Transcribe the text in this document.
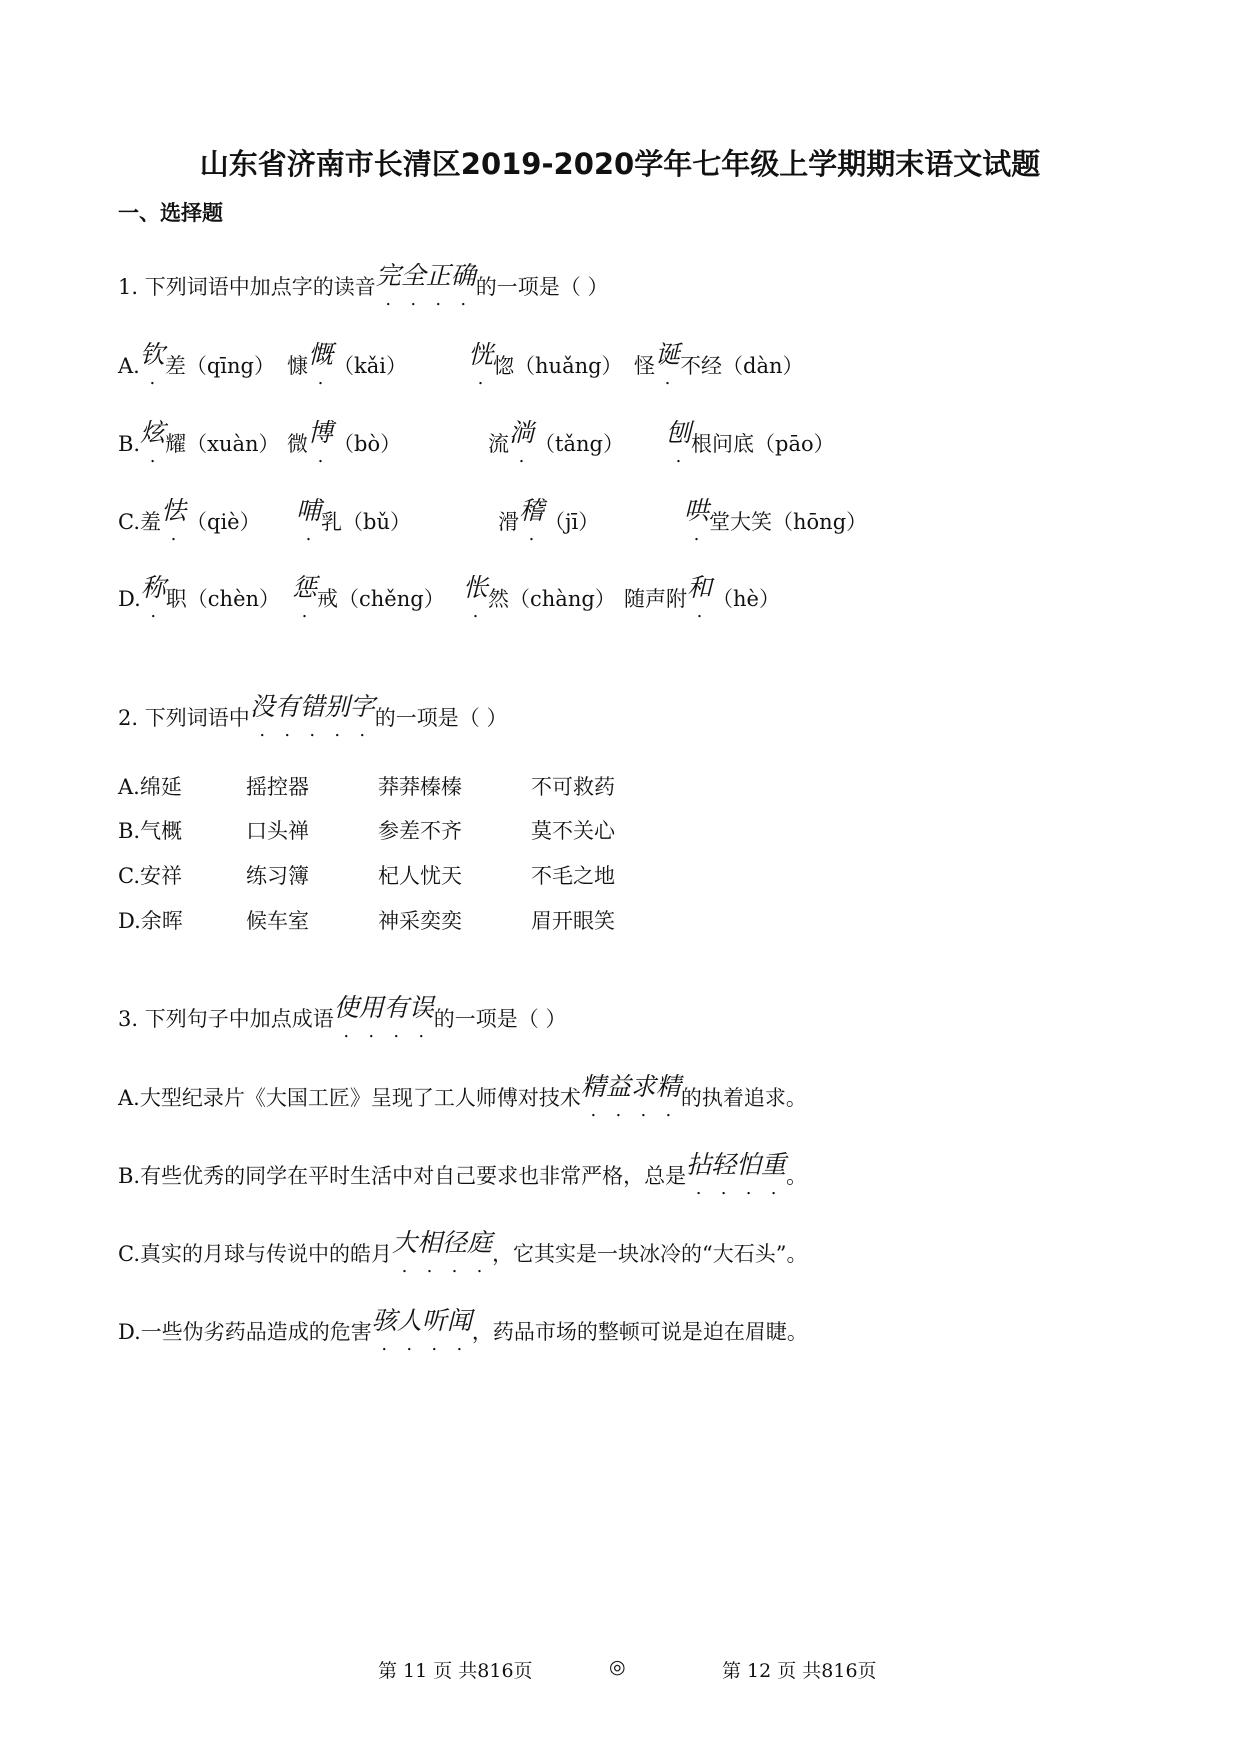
山东省济南市长清区2019-2020学年七年级上学期期末语文试题
一、选择题
1. 下列词语中加点字的读音完全正确的一项是（ ）
A.钦差（qīng） 慷慨（kǎi） 恍惚（huǎng） 怪诞不经（dàn）
B.炫耀（xuàn） 微博（bò）	流淌（tǎng） 刨根问底（pāo）
C.羞怯（qiè） 哺乳（bǔ）	滑稽（jī）	哄堂大笑（hōng）
D.称职（chèn） 惩戒（chěng） 怅然（chàng） 随声附和（hè）
2. 下列词语中没有错别字的一项是（ ）
A.绵延	摇控器	莽莽榛榛	不可救药
B.气概	口头禅	参差不齐	莫不关心
C.安祥	练习簿	杞人忧天	不毛之地
D.余晖	候车室	神采奕奕	眉开眼笑
3. 下列句子中加点成语使用有误的一项是（ ）
A.大型纪录片《大国工匠》呈现了工人师傅对技术精益求精的执着追求。
B.有些优秀的同学在平时生活中对自己要求也非常严格，总是拈轻怕重。
C.真实的月球与传说中的皓月大相径庭，它其实是一块冰冷的“大石头”。
D.一些伪劣药品造成的危害骇人听闻，药品市场的整顿可说是迫在眉睫。
第 11 页 共816页	◎	第 12 页 共816页
